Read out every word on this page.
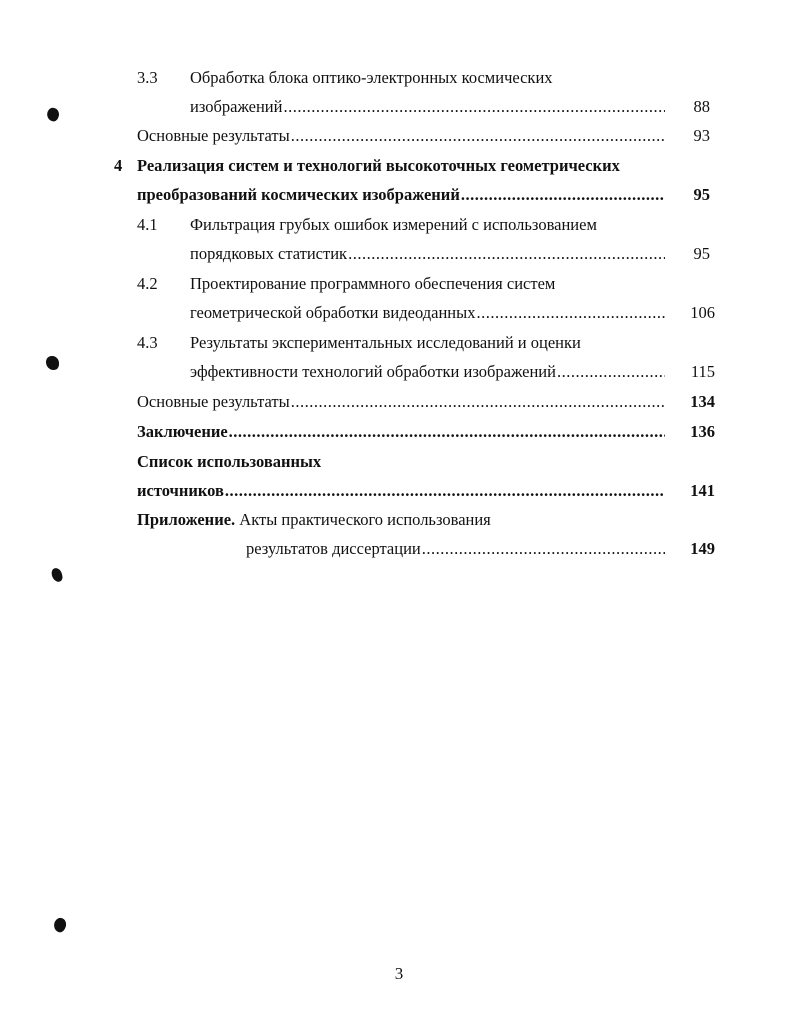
3.3 Обработка блока оптико-электронных космических
изображений .....	88
Основные результаты .....	93
4 Реализация систем и технологий высокоточных геометрических
преобразований космических изображений .....	95
4.1 Фильтрация грубых ошибок измерений с использованием
порядковых статистик .....	95
4.2 Проектирование программного обеспечения систем
геометрической обработки видеоданных .....	106
4.3 Результаты экспериментальных исследований и оценки
эффективности технологий обработки изображений .....	115
Основные результаты .....	134
Заключение .....	136
Список использованных
источников .....	141
Приложение. Акты практического использования
результатов диссертации .....	149
3
